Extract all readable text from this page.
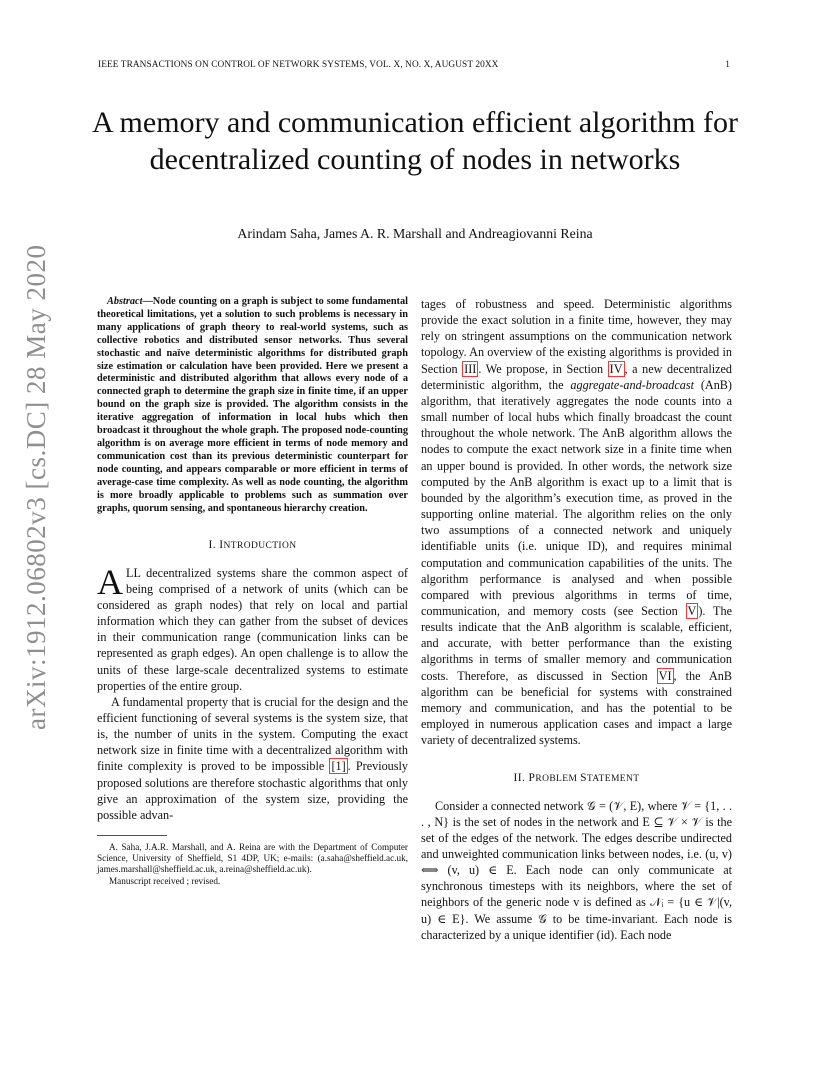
IEEE TRANSACTIONS ON CONTROL OF NETWORK SYSTEMS, VOL. X, NO. X, AUGUST 20XX	1
A memory and communication efficient algorithm for decentralized counting of nodes in networks
Arindam Saha, James A. R. Marshall and Andreagiovanni Reina
arXiv:1912.06802v3 [cs.DC] 28 May 2020	Abstract—Node counting on a graph is subject to some fundamental theoretical limitations, yet a solution to such problems is necessary in many applications of graph theory to real-world systems, such as collective robotics and distributed sensor networks. Thus several stochastic and naïve deterministic algorithms for distributed graph size estimation or calculation have been provided. Here we present a deterministic and distributed algorithm that allows every node of a connected graph to determine the graph size in finite time, if an upper bound on the graph size is provided. The algorithm consists in the iterative aggregation of information in local hubs which then broadcast it throughout the whole graph. The proposed node-counting algorithm is on average more efficient in terms of node memory and communication cost than its previous deterministic counterpart for node counting, and appears comparable or more efficient in terms of average-case time complexity. As well as node counting, the algorithm is more broadly applicable to problems such as summation over graphs, quorum sensing, and spontaneous hierarchy creation.

I. INTRODUCTION

ALL decentralized systems share the common aspect of being comprised of a network of units (which can be considered as graph nodes) that rely on local and partial information which they can gather from the subset of devices in their communication range (communication links can be represented as graph edges). An open challenge is to allow the units of these large-scale decentralized systems to estimate properties of the entire group.

A fundamental property that is crucial for the design and the efficient functioning of several systems is the system size, that is, the number of units in the system. Computing the exact network size in finite time with a decentralized algorithm with finite complexity is proved to be impossible [1] . Previously proposed solutions are therefore stochastic algorithms that only give an approximation of the system size, providing the possible advan-

A. Saha, J.A.R. Marshall, and A. Reina are with the Department of Computer Science, University of Sheffield, S1 4DP, UK; e-mails: (a.saha@sheffield.ac.uk, james.marshall@sheffield.ac.uk, a.reina@sheffield.ac.uk).

Manuscript received ; revised.

tages of robustness and speed. Deterministic algorithms provide the exact solution in a finite time, however, they may rely on stringent assumptions on the communication network topology. An overview of the existing algorithms is provided in Section III . We propose, in Section IV , a new decentralized deterministic algorithm, the aggregate-and-broadcast (AnB) algorithm, that iteratively aggregates the node counts into a small number of local hubs which finally broadcast the count throughout the whole network. The AnB algorithm allows the nodes to compute the exact network size in a finite time when an upper bound is provided. In other words, the network size computed by the AnB algorithm is exact up to a limit that is bounded by the algorithm’s execution time, as proved in the supporting online material. The algorithm relies on the only two assumptions of a connected network and uniquely identifiable units (i.e. unique ID), and requires minimal computation and communication capabilities of the units. The algorithm performance is analysed and when possible compared with previous algorithms in terms of time, communication, and memory costs (see Section V ). The results indicate that the AnB algorithm is scalable, efficient, and accurate, with better performance than the existing algorithms in terms of smaller memory and communication costs. Therefore, as discussed in Section VI , the AnB algorithm can be beneficial for systems with constrained memory and communication, and has the potential to be employed in numerous application cases and impact a large variety of decentralized systems.

II. PROBLEM STATEMENT

Consider a connected network 𝒢 = (𝒱, E), where 𝒱 = {1, . . . , N} is the set of nodes in the network and E ⊆ 𝒱 × 𝒱 is the set of the edges of the network. The edges describe undirected and unweighted communication links between nodes, i.e. (u, v) ⟺ (v, u) ∈ E. Each node can only communicate at synchronous timesteps with its neighbors, where the set of neighbors of the generic node v is defined as 𝒩ᵢ = {u ∈ 𝒱|(v, u) ∈ E}. We assume 𝒢 to be time-invariant. Each node is characterized by a unique identifier (id). Each node
